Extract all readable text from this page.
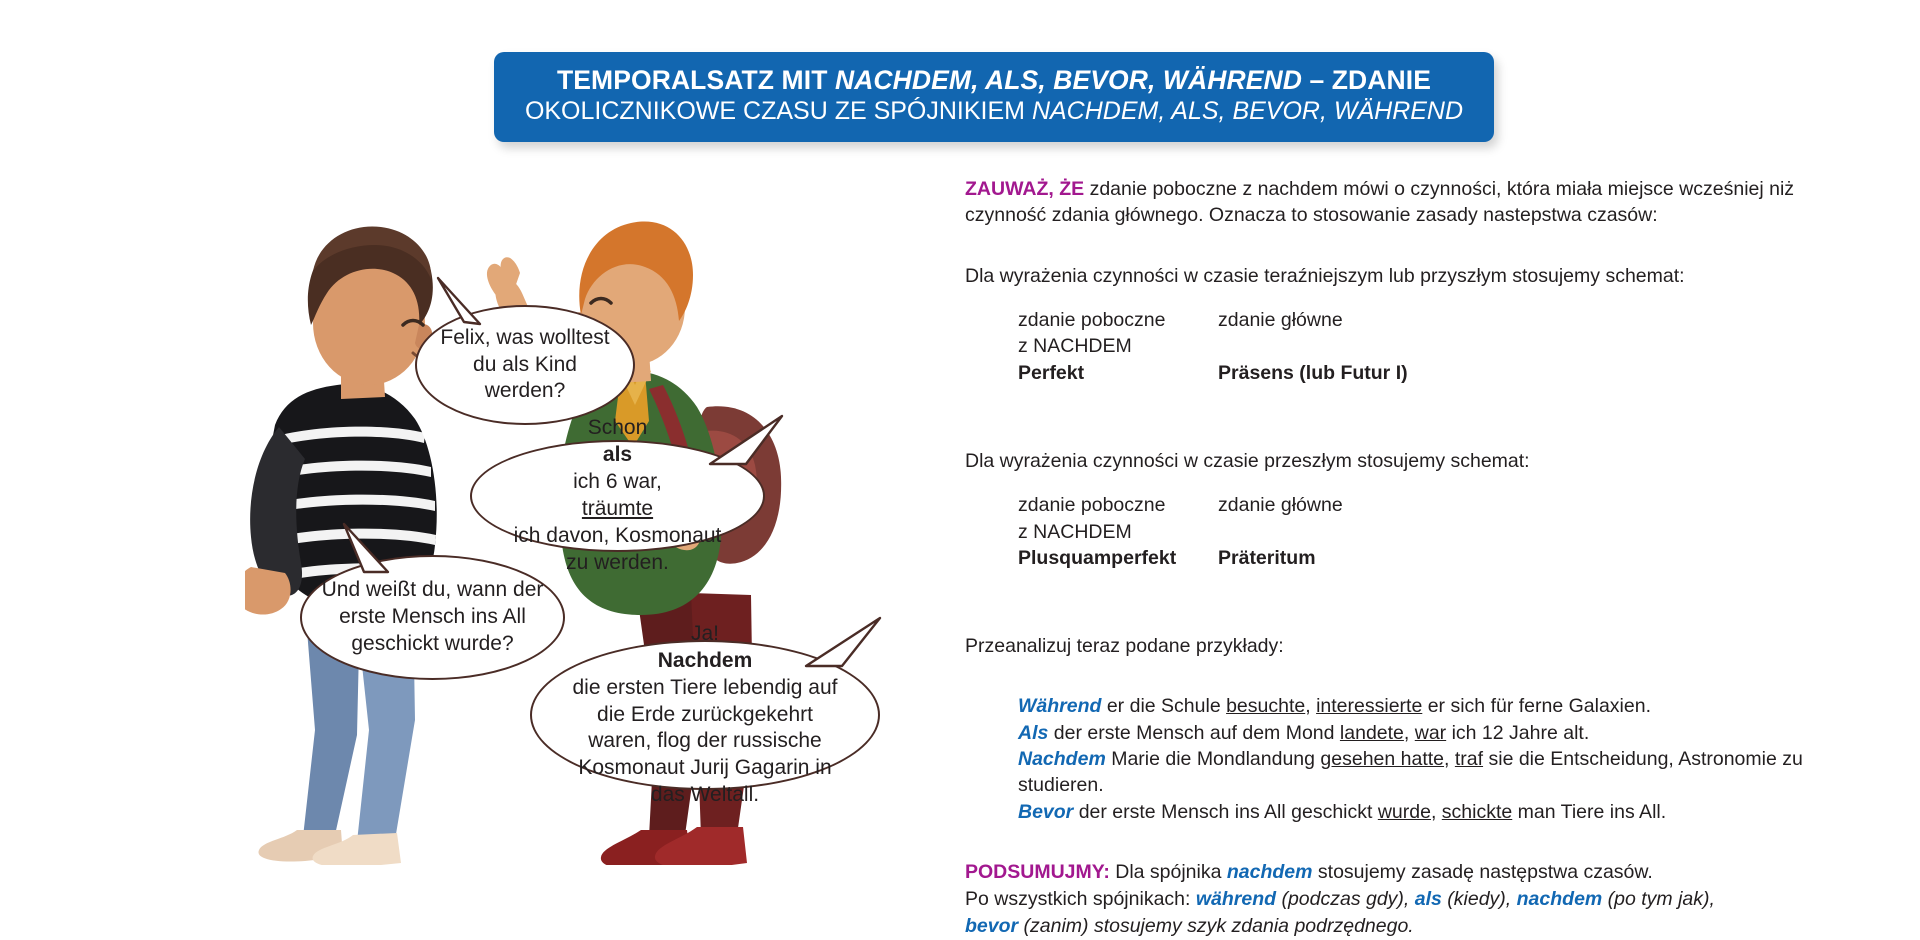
TEMPORALSATZ MIT NACHDEM, ALS, BEVOR, WÄHREND – ZDANIE
OKOLICZNIKOWE CZASU ZE SPÓJNIKIEM NACHDEM, ALS, BEVOR, WÄHREND
Felix, was wolltest du als Kind werden?
Schon
als
ich 6 war,
träumte
ich davon, Kosmonaut zu werden.
Und weißt du, wann der erste Mensch ins All geschickt wurde?	Ja!
Nachdem
die ersten Tiere lebendig auf die Erde zurückgekehrt waren, flog der russische Kosmonaut Jurij Gagarin in das Weltall.

ZAUWAŻ, ŻE zdanie poboczne z nachdem mówi o czynności, która miała miejsce wcześniej niż czynność zdania głównego. Oznacza to stosowanie zasady nastepstwa czasów:

Dla wyrażenia czynności w czasie teraźniejszym lub przyszłym stosujemy schemat:

zdanie poboczne	zdanie główne
z NACHDEM
Perfekt	Präsens (lub Futur I)

Dla wyrażenia czynności w czasie przeszłym stosujemy schemat:

zdanie poboczne	zdanie główne
z NACHDEM
Plusquamperfekt	Präteritum

Przeanalizuj teraz podane przykłady:

Während er die Schule besuchte, interessierte er sich für ferne Galaxien.

Als der erste Mensch auf dem Mond landete, war ich 12 Jahre alt.

Nachdem Marie die Mondlandung gesehen hatte, traf sie die Entscheidung, Astronomie zu studieren.

Bevor der erste Mensch ins All geschickt wurde, schickte man Tiere ins All.

PODSUMUJMY: Dla spójnika nachdem stosujemy zasadę następstwa czasów.

Po wszystkich spójnikach: während (podczas gdy), als (kiedy), nachdem (po tym jak),

bevor (zanim) stosujemy szyk zdania podrzędnego.
